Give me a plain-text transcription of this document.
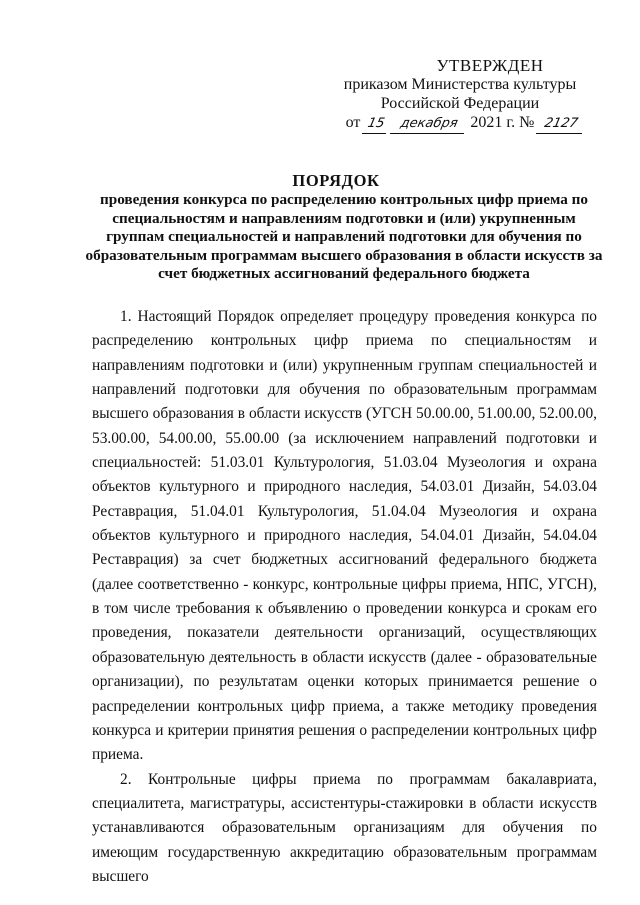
УТВЕРЖДЕН
приказом Министерства культуры
Российской Федерации
от 15 декабря 2021 г. № 2127
ПОРЯДОК
проведения конкурса по распределению контрольных цифр приема по специальностям и направлениям подготовки и (или) укрупненным группам специальностей и направлений подготовки для обучения по образовательным программам высшего образования в области искусств за счет бюджетных ассигнований федерального бюджета

1. Настоящий Порядок определяет процедуру проведения конкурса по распределению контрольных цифр приема по специальностям и направлениям подготовки и (или) укрупненным группам специальностей и направлений подготовки для обучения по образовательным программам высшего образования в области искусств (УГСН 50.00.00, 51.00.00, 52.00.00, 53.00.00, 54.00.00, 55.00.00 (за исключением направлений подготовки и специальностей: 51.03.01 Культурология, 51.03.04 Музеология и охрана объектов культурного и природного наследия, 54.03.01 Дизайн, 54.03.04 Реставрация, 51.04.01 Культурология, 51.04.04 Музеология и охрана объектов культурного и природного наследия, 54.04.01 Дизайн, 54.04.04 Реставрация) за счет бюджетных ассигнований федерального бюджета (далее соответственно - конкурс, контрольные цифры приема, НПС, УГСН), в том числе требования к объявлению о проведении конкурса и срокам его проведения, показатели деятельности организаций, осуществляющих образовательную деятельность в области искусств (далее - образовательные организации), по результатам оценки которых принимается решение о распределении контрольных цифр приема, а также методику проведения конкурса и критерии принятия решения о распределении контрольных цифр приема.

2. Контрольные цифры приема по программам бакалавриата, специалитета, магистратуры, ассистентуры-стажировки в области искусств устанавливаются образовательным организациям для обучения по имеющим государственную аккредитацию образовательным программам высшего
